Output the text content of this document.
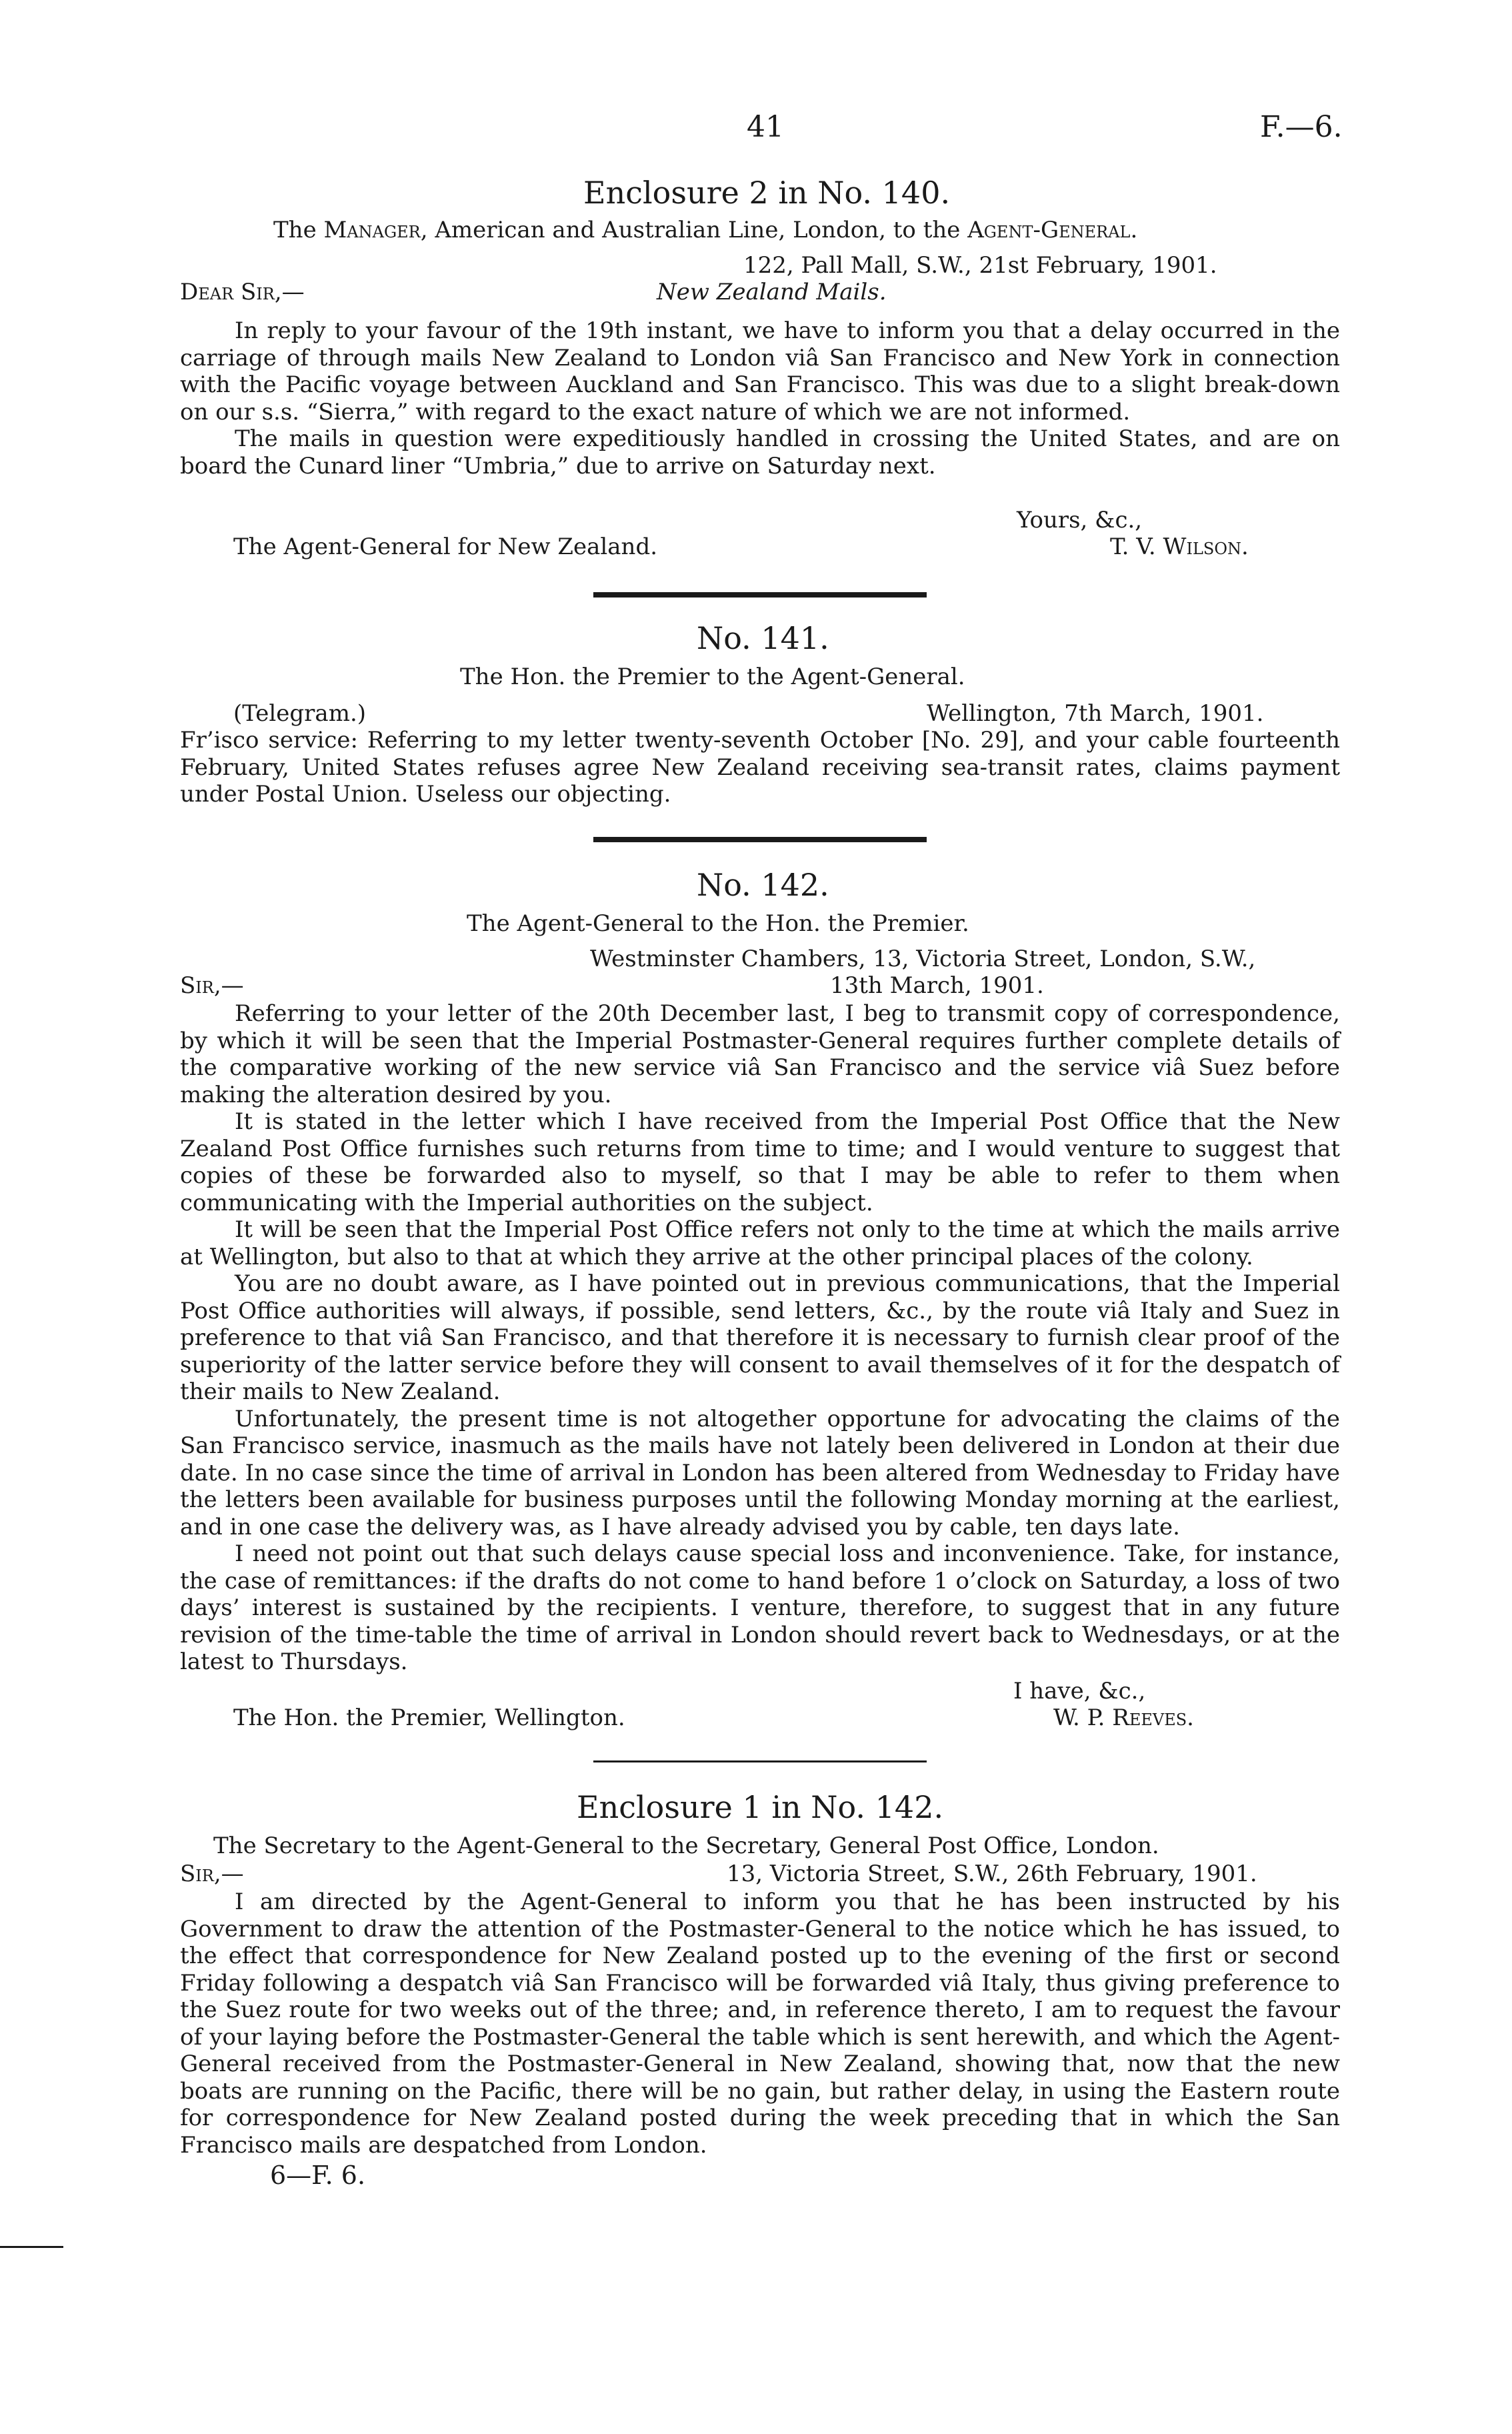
41	F.—6.
Enclosure 2 in No. 140.
The Manager, American and Australian Line, London, to the Agent-General.
122, Pall Mall, S.W., 21st February, 1901.
Dear Sir,—	New Zealand Mails.

In reply to your favour of the 19th instant, we have to inform you that a delay occurred in the carriage of through mails New Zealand to London viâ San Francisco and New York in connection with the Pacific voyage between Auckland and San Francisco. This was due to a slight break-down on our s.s. “Sierra,” with regard to the exact nature of which we are not informed.

The mails in question were expeditiously handled in crossing the United States, and are on board the Cunard liner “Umbria,” due to arrive on Saturday next.

Yours, &c.,
The Agent-General for New Zealand.	T. V. Wilson.
No. 141.
The Hon. the Premier to the Agent-General.
(Telegram.)	Wellington, 7th March, 1901.

Fr’isco service: Referring to my letter twenty-seventh October [No. 29], and your cable fourteenth February, United States refuses agree New Zealand receiving sea-transit rates, claims payment under Postal Union. Useless our objecting.

No. 142.
The Agent-General to the Hon. the Premier.
Westminster Chambers, 13, Victoria Street, London, S.W.,
Sir,—	13th March, 1901.

Referring to your letter of the 20th December last, I beg to transmit copy of correspondence, by which it will be seen that the Imperial Postmaster-General requires further complete details of the comparative working of the new service viâ San Francisco and the service viâ Suez before making the alteration desired by you.

It is stated in the letter which I have received from the Imperial Post Office that the New Zealand Post Office furnishes such returns from time to time; and I would venture to suggest that copies of these be forwarded also to myself, so that I may be able to refer to them when communicating with the Imperial authorities on the subject.

It will be seen that the Imperial Post Office refers not only to the time at which the mails arrive at Wellington, but also to that at which they arrive at the other principal places of the colony.

You are no doubt aware, as I have pointed out in previous communications, that the Imperial Post Office authorities will always, if possible, send letters, &c., by the route viâ Italy and Suez in preference to that viâ San Francisco, and that therefore it is necessary to furnish clear proof of the superiority of the latter service before they will consent to avail themselves of it for the despatch of their mails to New Zealand.

Unfortunately, the present time is not altogether opportune for advocating the claims of the San Francisco service, inasmuch as the mails have not lately been delivered in London at their due date. In no case since the time of arrival in London has been altered from Wednesday to Friday have the letters been available for business purposes until the following Monday morning at the earliest, and in one case the delivery was, as I have already advised you by cable, ten days late.

I need not point out that such delays cause special loss and inconvenience. Take, for instance, the case of remittances: if the drafts do not come to hand before 1 o’clock on Saturday, a loss of two days’ interest is sustained by the recipients. I venture, therefore, to suggest that in any future revision of the time-table the time of arrival in London should revert back to Wednesdays, or at the latest to Thursdays.

I have, &c.,
The Hon. the Premier, Wellington.	W. P. Reeves.
Enclosure 1 in No. 142.
The Secretary to the Agent-General to the Secretary, General Post Office, London.
Sir,—	13, Victoria Street, S.W., 26th February, 1901.

I am directed by the Agent-General to inform you that he has been instructed by his Government to draw the attention of the Postmaster-General to the notice which he has issued, to the effect that correspondence for New Zealand posted up to the evening of the first or second Friday following a despatch viâ San Francisco will be forwarded viâ Italy, thus giving preference to the Suez route for two weeks out of the three; and, in reference thereto, I am to request the favour of your laying before the Postmaster-General the table which is sent herewith, and which the Agent-General received from the Postmaster-General in New Zealand, showing that, now that the new boats are running on the Pacific, there will be no gain, but rather delay, in using the Eastern route for correspondence for New Zealand posted during the week preceding that in which the San Francisco mails are despatched from London.

6—F. 6.
